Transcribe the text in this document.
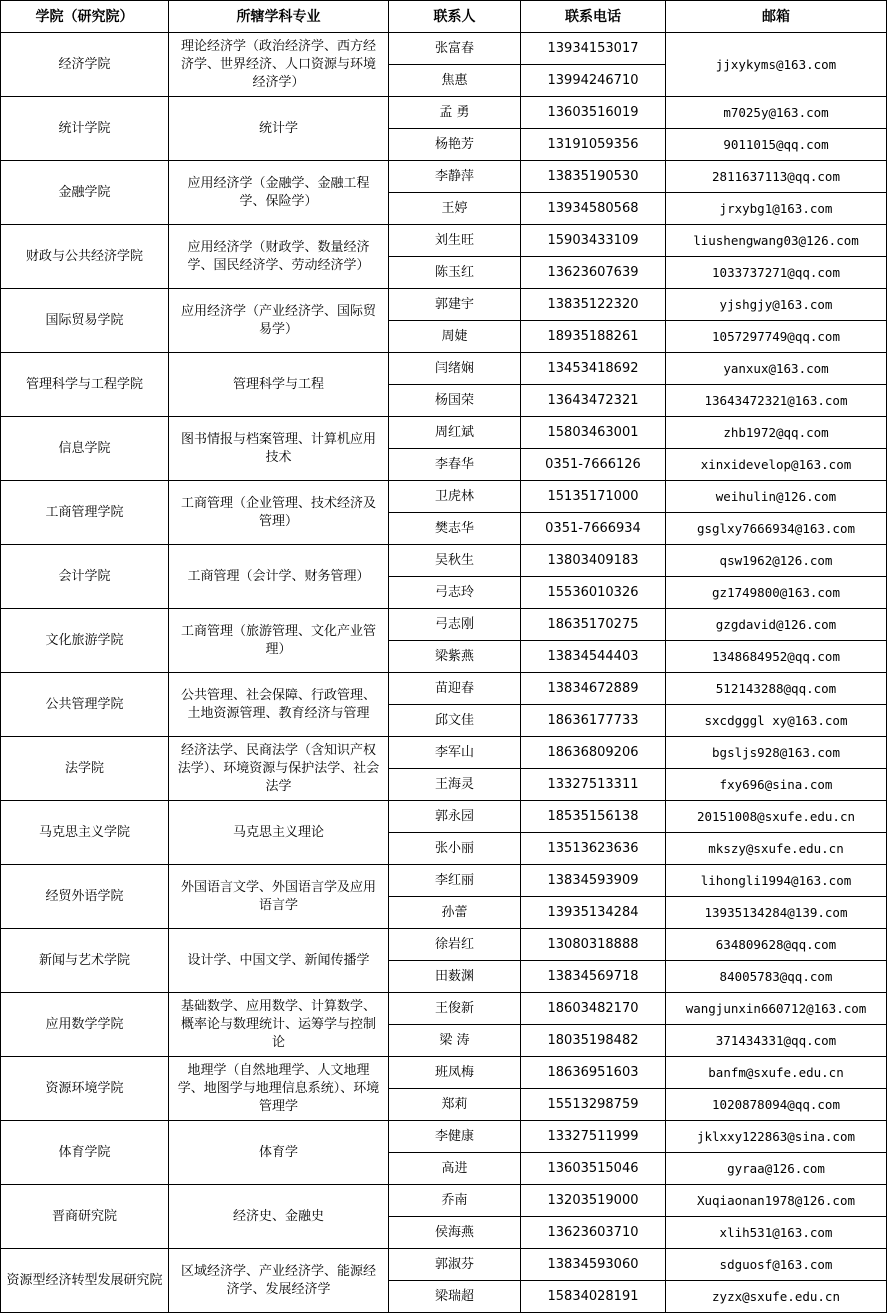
学院（研究院）	所辖学科专业	联系人	联系电话	邮箱
经济学院	理论经济学（政治经济学、西方经济学、世界经济、人口资源与环境经济学）	张富春	13934153017	jjxykyms@163.com
		焦惠	13994246710	
统计学院	统计学	孟 勇	13603516019	m7025y@163.com
		杨艳芳	13191059356	9011015@qq.com
金融学院	应用经济学（金融学、金融工程学、保险学）	李静萍	13835190530	2811637113@qq.com
		王婷	13934580568	jrxybg1@163.com
财政与公共经济学院	应用经济学（财政学、数量经济学、国民经济学、劳动经济学）	刘生旺	15903433109	liushengwang03@126.com
		陈玉红	13623607639	1033737271@qq.com
国际贸易学院	应用经济学（产业经济学、国际贸易学）	郭建宇	13835122320	yjshgjy@163.com
		周婕	18935188261	1057297749@qq.com
管理科学与工程学院	管理科学与工程	闫绪娴	13453418692	yanxux@163.com
		杨国荣	13643472321	13643472321@163.com
信息学院	图书情报与档案管理、计算机应用技术	周红斌	15803463001	zhb1972@qq.com
		李春华	0351-7666126	xinxidevelop@163.com
工商管理学院	工商管理（企业管理、技术经济及管理）	卫虎林	15135171000	weihulin@126.com
		樊志华	0351-7666934	gsglxy7666934@163.com
会计学院	工商管理（会计学、财务管理）	吴秋生	13803409183	qsw1962@126.com
		弓志玲	15536010326	gz1749800@163.com
文化旅游学院	工商管理（旅游管理、文化产业管理）	弓志刚	18635170275	gzgdavid@126.com
		梁紫燕	13834544403	1348684952@qq.com
公共管理学院	公共管理、社会保障、行政管理、土地资源管理、教育经济与管理	苗迎春	13834672889	512143288@qq.com
		邱文佳	18636177733	sxcdgggl xy@163.com
法学院	经济法学、民商法学（含知识产权法学）、环境资源与保护法学、社会法学	李军山	18636809206	bgsljs928@163.com
		王海灵	13327513311	fxy696@sina.com
马克思主义学院	马克思主义理论	郭永园	18535156138	20151008@sxufe.edu.cn
		张小丽	13513623636	mkszy@sxufe.edu.cn
经贸外语学院	外国语言文学、外国语言学及应用语言学	李红丽	13834593909	lihongli1994@163.com
		孙蕾	13935134284	13935134284@139.com
新闻与艺术学院	设计学、中国文学、新闻传播学	徐岩红	13080318888	634809628@qq.com
		田薮渊	13834569718	84005783@qq.com
应用数学学院	基础数学、应用数学、计算数学、概率论与数理统计、运筹学与控制论	王俊新	18603482170	wangjunxin660712@163.com
		梁 涛	18035198482	371434331@qq.com
资源环境学院	地理学（自然地理学、人文地理学、地图学与地理信息系统）、环境管理学	班凤梅	18636951603	banfm@sxufe.edu.cn
		郑莉	15513298759	1020878094@qq.com
体育学院	体育学	李健康	13327511999	jklxxy122863@sina.com
		高进	13603515046	gyraa@126.com
晋商研究院	经济史、金融史	乔南	13203519000	Xuqiaonan1978@126.com
		侯海燕	13623603710	xlih531@163.com
资源型经济转型发展研究院	区域经济学、产业经济学、能源经济学、发展经济学	郭淑芬	13834593060	sdguosf@163.com
		梁瑞超	15834028191	zyzx@sxufe.edu.cn
